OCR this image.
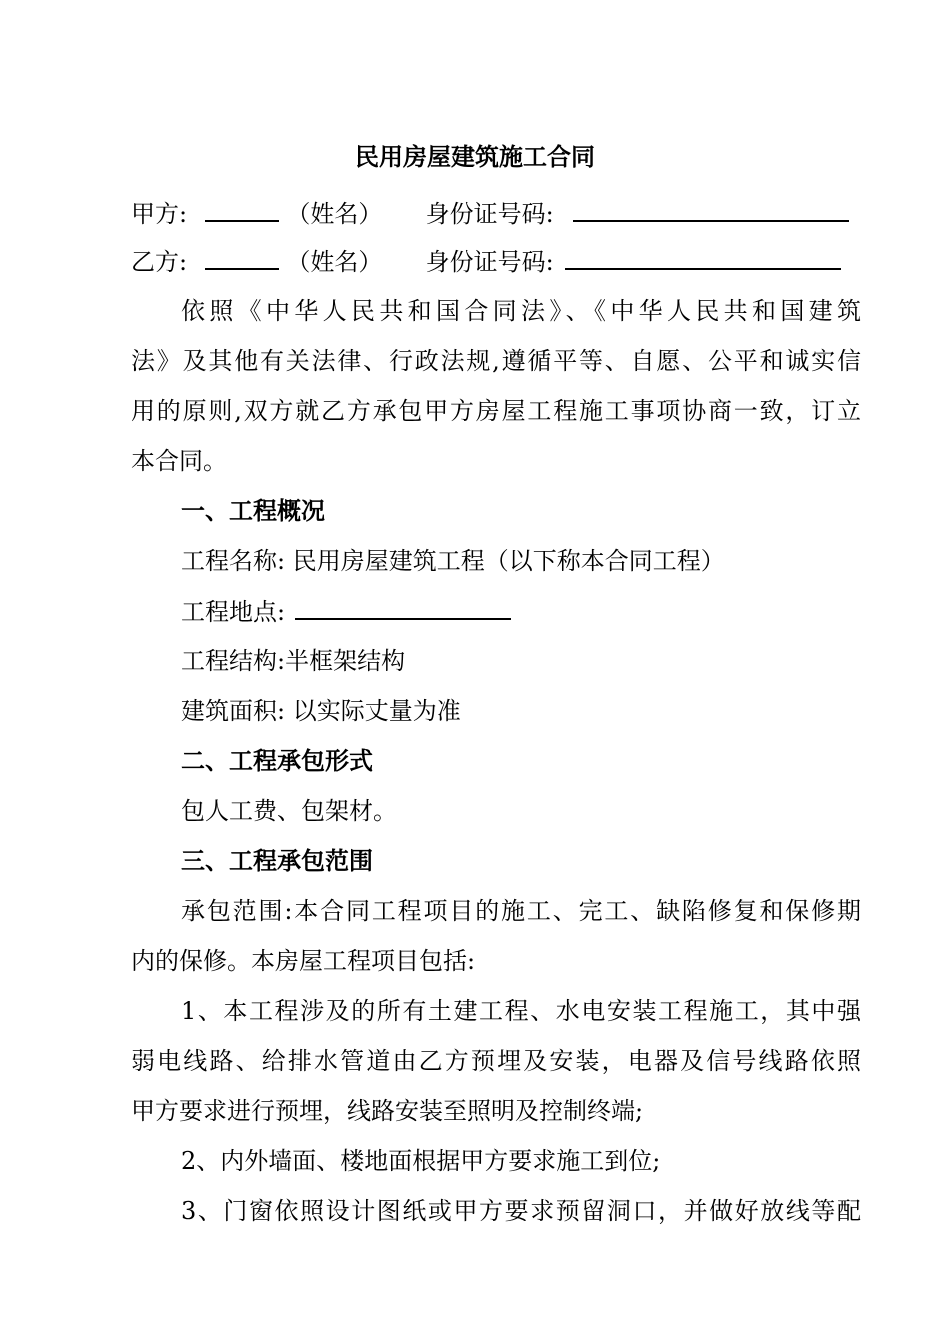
民用房屋建筑施工合同
甲方:	（姓名） 身份证号码:
乙方:	（姓名） 身份证号码:
依照《中华人民共和国合同法》、《中华人民共和国建筑
法》及其他有关法律、行政法规,遵循平等、自愿、公平和诚实信
用的原则,双方就乙方承包甲方房屋工程施工事项协商一致，订立
本合同。
一、工程概况
工程名称: 民用房屋建筑工程（以下称本合同工程）
工程地点:
工程结构:半框架结构
建筑面积: 以实际丈量为准
二、工程承包形式
包人工费、包架材。
三、工程承包范围
承包范围:本合同工程项目的施工、完工、缺陷修复和保修期
内的保修。本房屋工程项目包括:
1、本工程涉及的所有土建工程、水电安装工程施工，其中强
弱电线路、给排水管道由乙方预埋及安装，电器及信号线路依照
甲方要求进行预埋，线路安装至照明及控制终端;
2、内外墙面、楼地面根据甲方要求施工到位;
3、门窗依照设计图纸或甲方要求预留洞口，并做好放线等配
